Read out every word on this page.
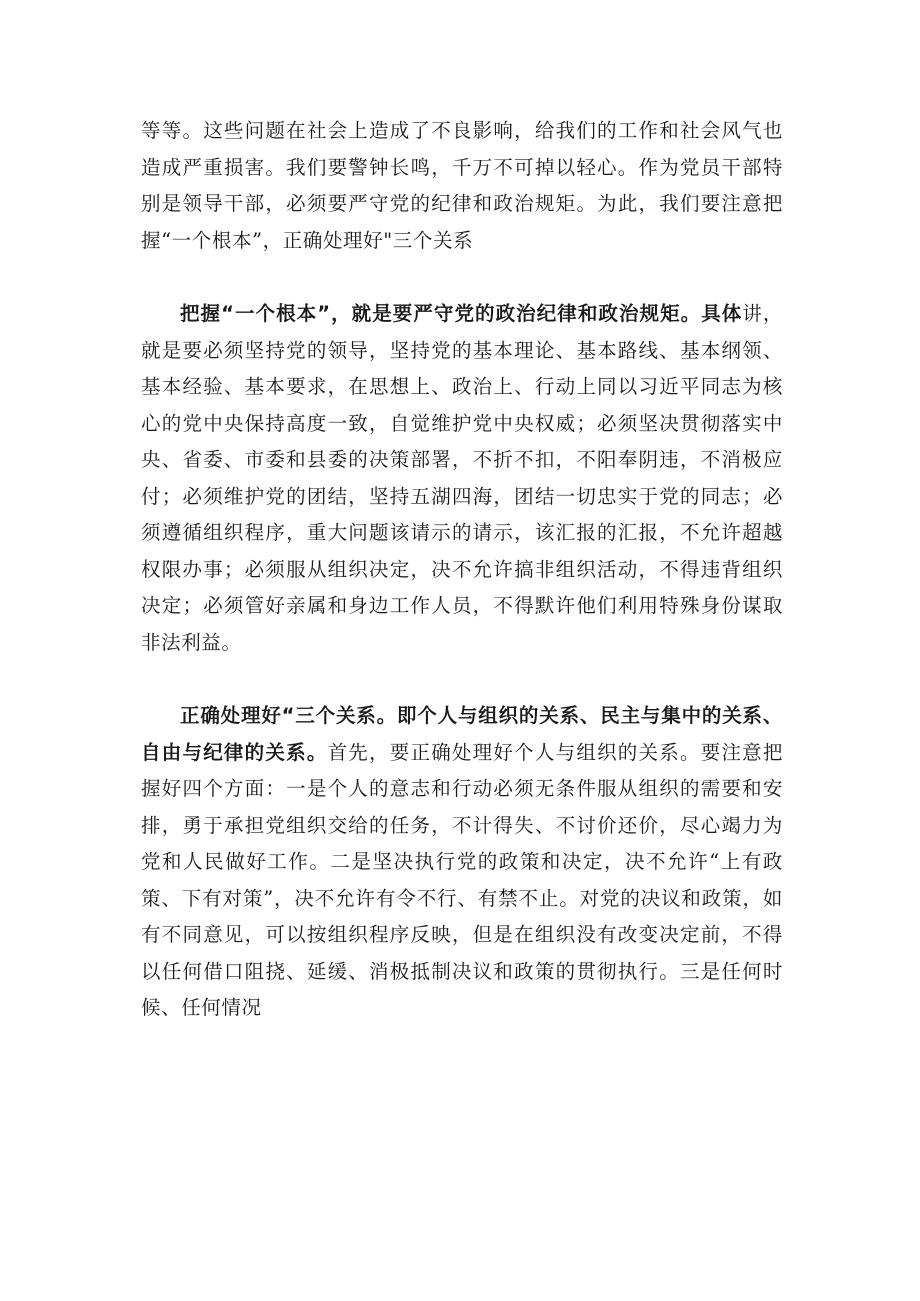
等等。这些问题在社会上造成了不良影响，给我们的工作和社会风气也造成严重损害。我们要警钟长鸣，千万不可掉以轻心。作为党员干部特别是领导干部，必须要严守党的纪律和政治规矩。为此，我们要注意把握“一个根本”，正确处理好"三个关系

把握“一个根本”，就是要严守党的政治纪律和政治规矩。具体讲，就是要必须坚持党的领导，坚持党的基本理论、基本路线、基本纲领、基本经验、基本要求，在思想上、政治上、行动上同以习近平同志为核心的党中央保持高度一致，自觉维护党中央权威；必须坚决贯彻落实中央、省委、市委和县委的决策部署，不折不扣，不阳奉阴违，不消极应付；必须维护党的团结，坚持五湖四海，团结一切忠实于党的同志；必须遵循组织程序，重大问题该请示的请示，该汇报的汇报，不允许超越权限办事；必须服从组织决定，决不允许搞非组织活动，不得违背组织决定；必须管好亲属和身边工作人员，不得默许他们利用特殊身份谋取非法利益。

正确处理好“三个关系。即个人与组织的关系、民主与集中的关系、自由与纪律的关系。首先，要正确处理好个人与组织的关系。要注意把握好四个方面：一是个人的意志和行动必须无条件服从组织的需要和安排，勇于承担党组织交给的任务，不计得失、不讨价还价，尽心竭力为党和人民做好工作。二是坚决执行党的政策和决定，决不允许“上有政策、下有对策”，决不允许有令不行、有禁不止。对党的决议和政策，如有不同意见，可以按组织程序反映，但是在组织没有改变决定前，不得以任何借口阻挠、延缓、消极抵制决议和政策的贯彻执行。三是任何时候、任何情况
